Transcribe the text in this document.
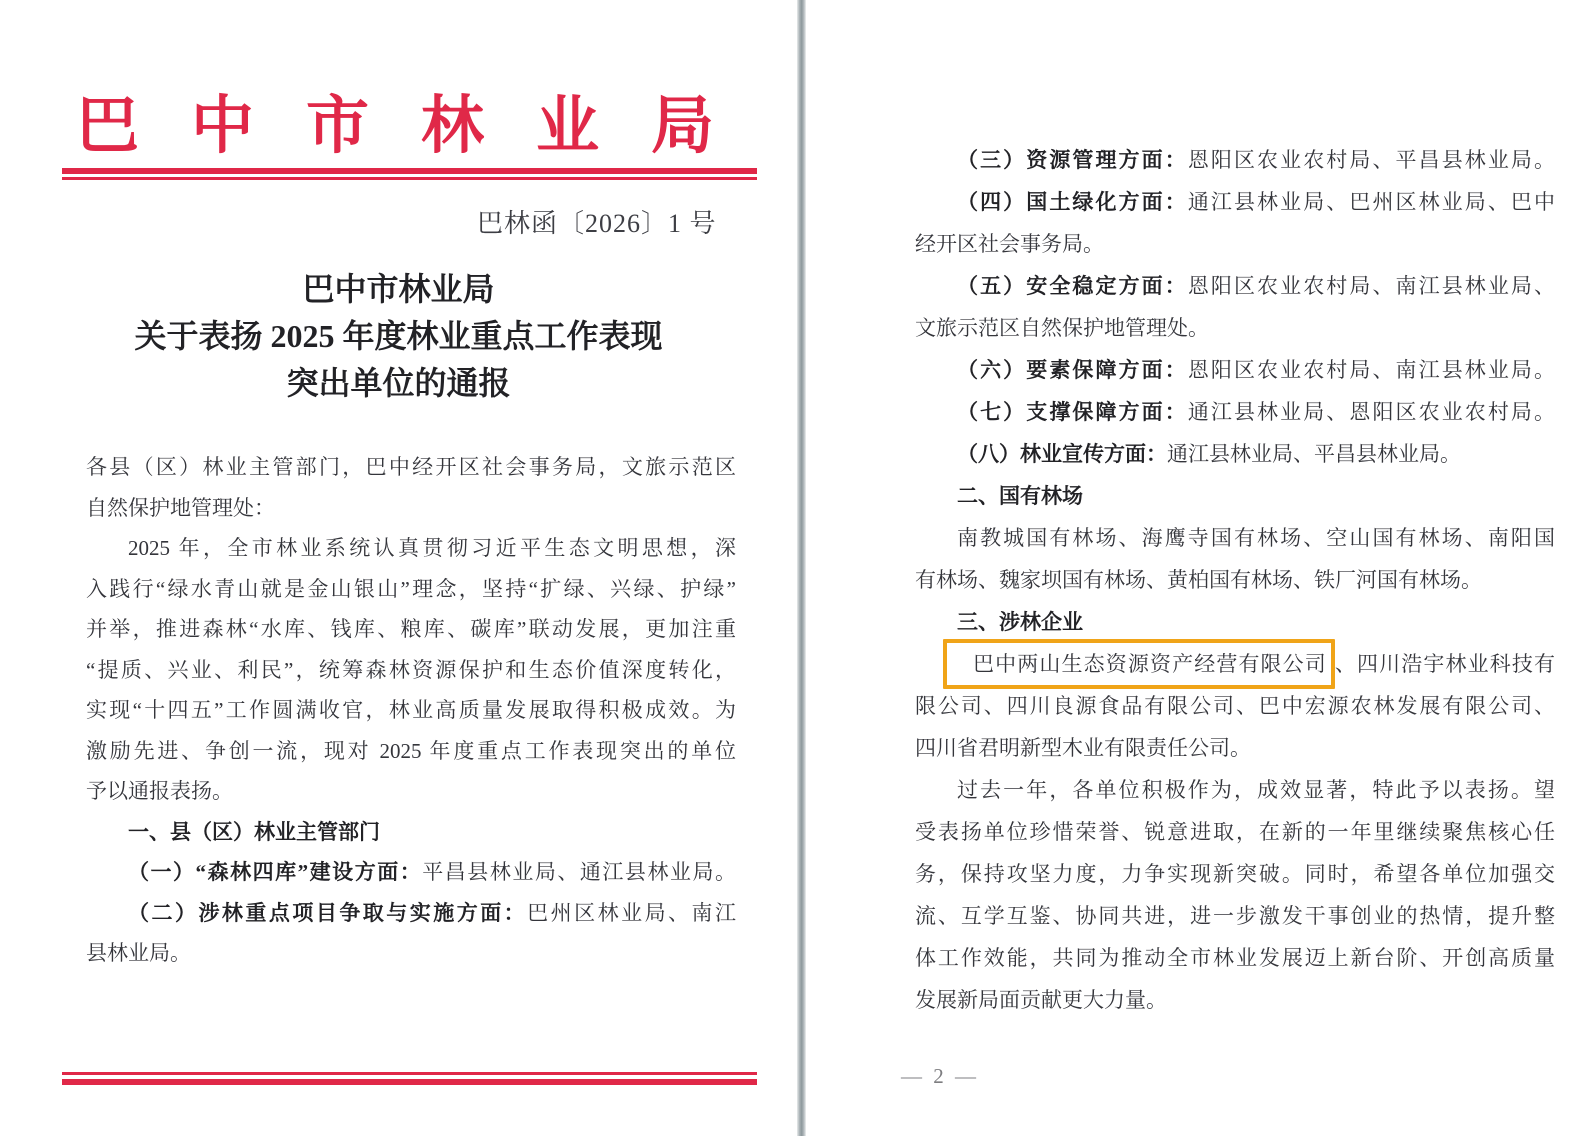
巴中市林业局
巴林函〔2026〕1 号
巴中市林业局
关于表扬 2025 年度林业重点工作表现
突出单位的通报
各县（区）林业主管部门，巴中经开区社会事务局，文旅示范区
自然保护地管理处：
2025 年，全市林业系统认真贯彻习近平生态文明思想，深
入践行“绿水青山就是金山银山”理念，坚持“扩绿、兴绿、护绿”
并举，推进森林“水库、钱库、粮库、碳库”联动发展，更加注重
“提质、兴业、利民”，统筹森林资源保护和生态价值深度转化，
实现“十四五”工作圆满收官，林业高质量发展取得积极成效。为
激励先进、争创一流，现对 2025 年度重点工作表现突出的单位
予以通报表扬。
一、县（区）林业主管部门
（一）“森林四库”建设方面：平昌县林业局、通江县林业局。
（二）涉林重点项目争取与实施方面：巴州区林业局、南江
县林业局。
（三）资源管理方面：恩阳区农业农村局、平昌县林业局。
（四）国土绿化方面：通江县林业局、巴州区林业局、巴中
经开区社会事务局。
（五）安全稳定方面：恩阳区农业农村局、南江县林业局、
文旅示范区自然保护地管理处。
（六）要素保障方面：恩阳区农业农村局、南江县林业局。
（七）支撑保障方面：通江县林业局、恩阳区农业农村局。
（八）林业宣传方面：通江县林业局、平昌县林业局。
二、国有林场
南教城国有林场、海鹰寺国有林场、空山国有林场、南阳国
有林场、魏家坝国有林场、黄柏国有林场、铁厂河国有林场。
三、涉林企业
巴中两山生态资源资产经营有限公司 、四川浩宇林业科技有
限公司、四川良源食品有限公司、巴中宏源农林发展有限公司、
四川省君明新型木业有限责任公司。
过去一年，各单位积极作为，成效显著，特此予以表扬。望
受表扬单位珍惜荣誉、锐意进取，在新的一年里继续聚焦核心任
务，保持攻坚力度，力争实现新突破。同时，希望各单位加强交
流、互学互鉴、协同共进，进一步激发干事创业的热情，提升整
体工作效能，共同为推动全市林业发展迈上新台阶、开创高质量
发展新局面贡献更大力量。
— 2 —
